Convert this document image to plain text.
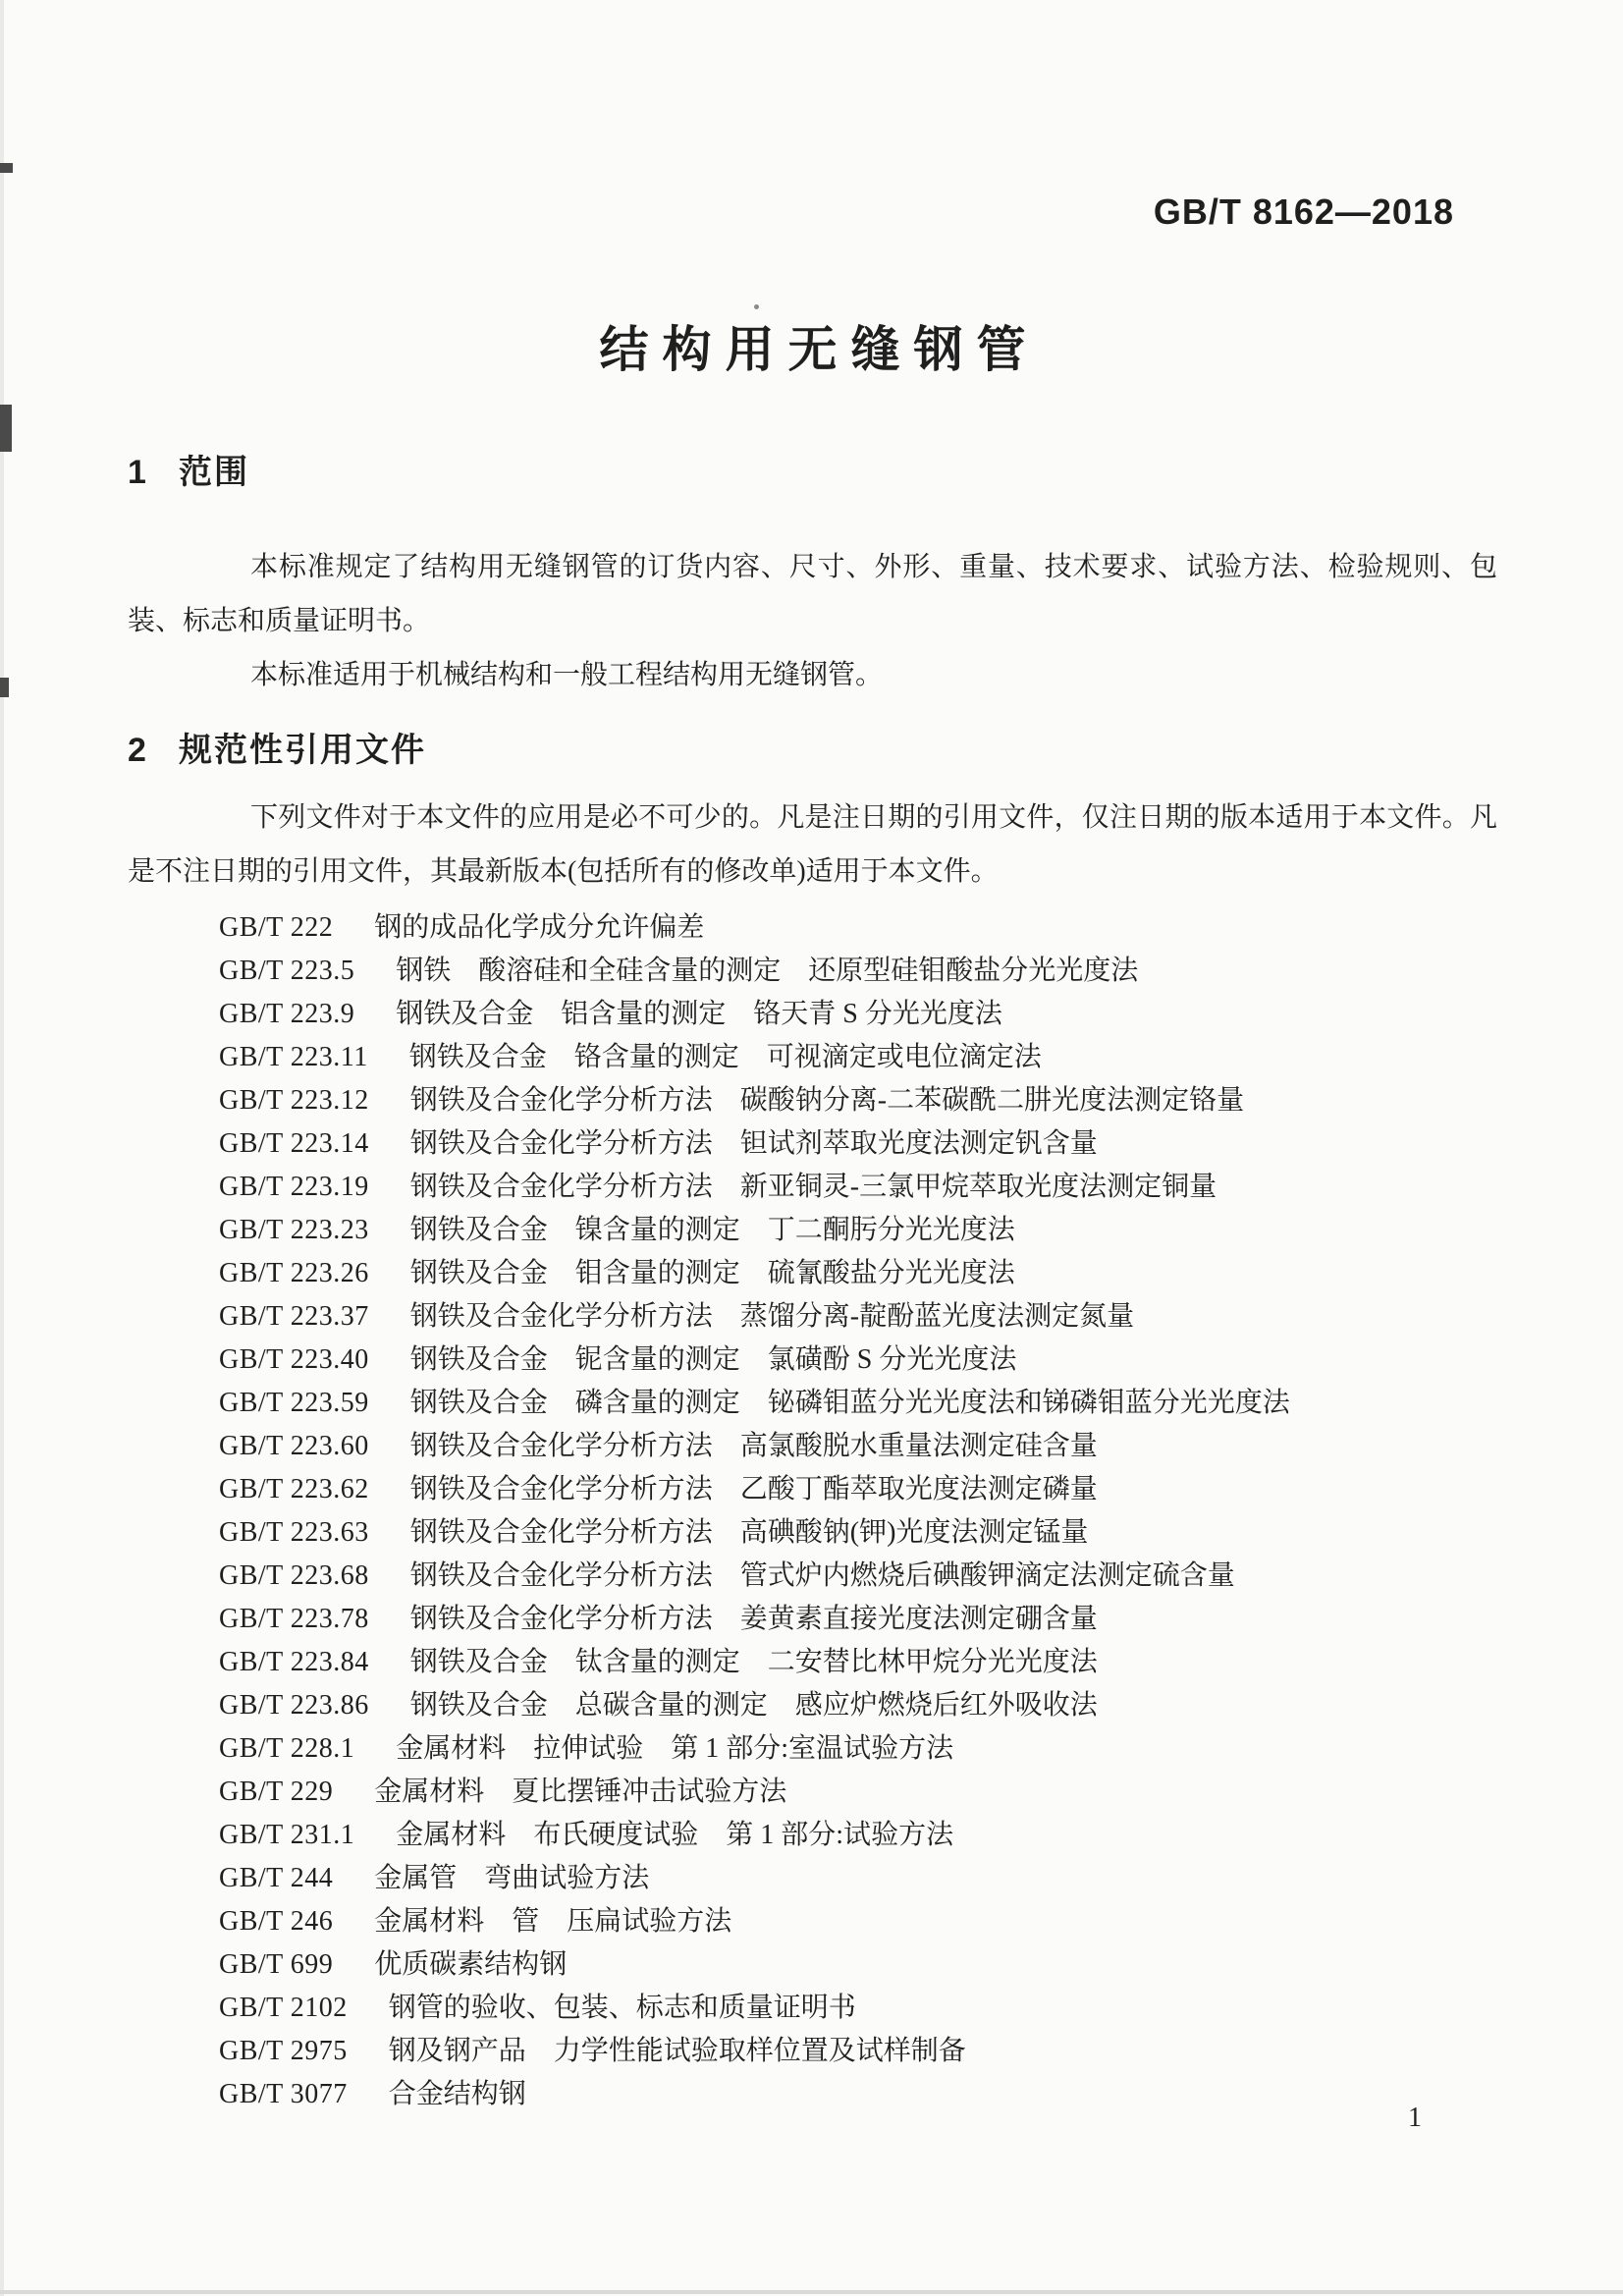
GB/T 8162—2018
结构用无缝钢管
1 范围

本标准规定了结构用无缝钢管的订货内容、尺寸、外形、重量、技术要求、试验方法、检验规则、包装、标志和质量证明书。

本标准适用于机械结构和一般工程结构用无缝钢管。

2 规范性引用文件

下列文件对于本文件的应用是必不可少的。凡是注日期的引用文件，仅注日期的版本适用于本文件。凡是不注日期的引用文件，其最新版本(包括所有的修改单)适用于本文件。

GB/T 222 钢的成品化学成分允许偏差
GB/T 223.5 钢铁　酸溶硅和全硅含量的测定　还原型硅钼酸盐分光光度法
GB/T 223.9 钢铁及合金　铝含量的测定　铬天青 S 分光光度法
GB/T 223.11 钢铁及合金　铬含量的测定　可视滴定或电位滴定法
GB/T 223.12 钢铁及合金化学分析方法　碳酸钠分离-二苯碳酰二肼光度法测定铬量
GB/T 223.14 钢铁及合金化学分析方法　钽试剂萃取光度法测定钒含量
GB/T 223.19 钢铁及合金化学分析方法　新亚铜灵-三氯甲烷萃取光度法测定铜量
GB/T 223.23 钢铁及合金　镍含量的测定　丁二酮肟分光光度法
GB/T 223.26 钢铁及合金　钼含量的测定　硫氰酸盐分光光度法
GB/T 223.37 钢铁及合金化学分析方法　蒸馏分离-靛酚蓝光度法测定氮量
GB/T 223.40 钢铁及合金　铌含量的测定　氯磺酚 S 分光光度法
GB/T 223.59 钢铁及合金　磷含量的测定　铋磷钼蓝分光光度法和锑磷钼蓝分光光度法
GB/T 223.60 钢铁及合金化学分析方法　高氯酸脱水重量法测定硅含量
GB/T 223.62 钢铁及合金化学分析方法　乙酸丁酯萃取光度法测定磷量
GB/T 223.63 钢铁及合金化学分析方法　高碘酸钠(钾)光度法测定锰量
GB/T 223.68 钢铁及合金化学分析方法　管式炉内燃烧后碘酸钾滴定法测定硫含量
GB/T 223.78 钢铁及合金化学分析方法　姜黄素直接光度法测定硼含量
GB/T 223.84 钢铁及合金　钛含量的测定　二安替比林甲烷分光光度法
GB/T 223.86 钢铁及合金　总碳含量的测定　感应炉燃烧后红外吸收法
GB/T 228.1 金属材料　拉伸试验　第 1 部分:室温试验方法
GB/T 229 金属材料　夏比摆锤冲击试验方法
GB/T 231.1 金属材料　布氏硬度试验　第 1 部分:试验方法
GB/T 244 金属管　弯曲试验方法
GB/T 246 金属材料　管　压扁试验方法
GB/T 699 优质碳素结构钢
GB/T 2102 钢管的验收、包装、标志和质量证明书
GB/T 2975 钢及钢产品　力学性能试验取样位置及试样制备
GB/T 3077 合金结构钢
1
